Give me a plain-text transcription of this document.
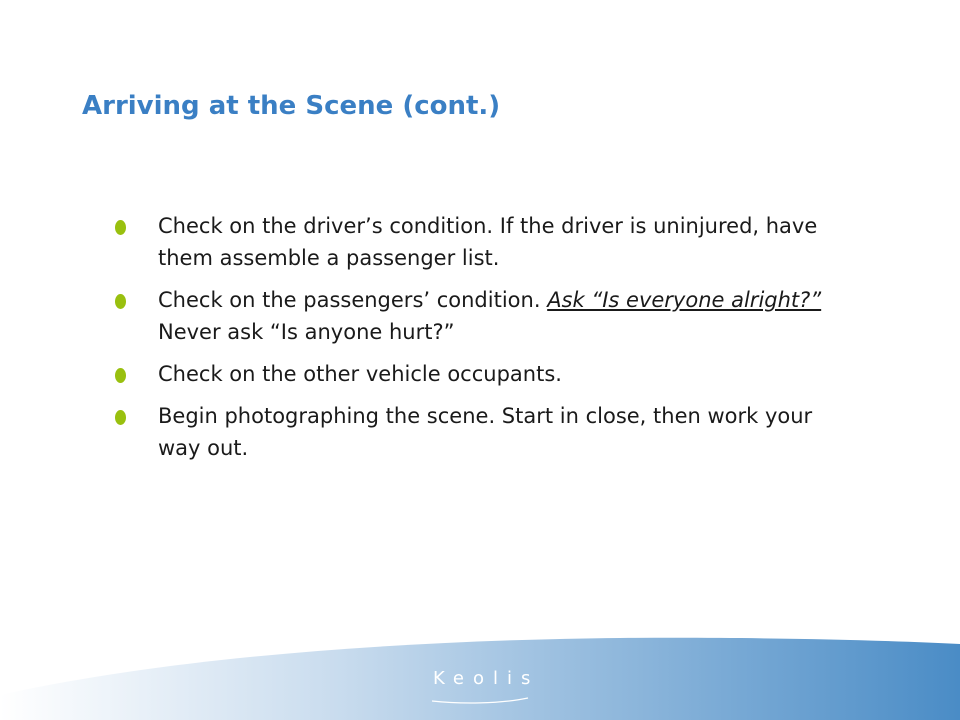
Arriving at the Scene (cont.)
Check on the driver’s condition. If the driver is uninjured, have them assemble a passenger list.
Check on the passengers’ condition. Ask “Is everyone alright?” Never ask “Is anyone hurt?”
Check on the other vehicle occupants.
Begin photographing the scene. Start in close, then work your way out.
Keolis
